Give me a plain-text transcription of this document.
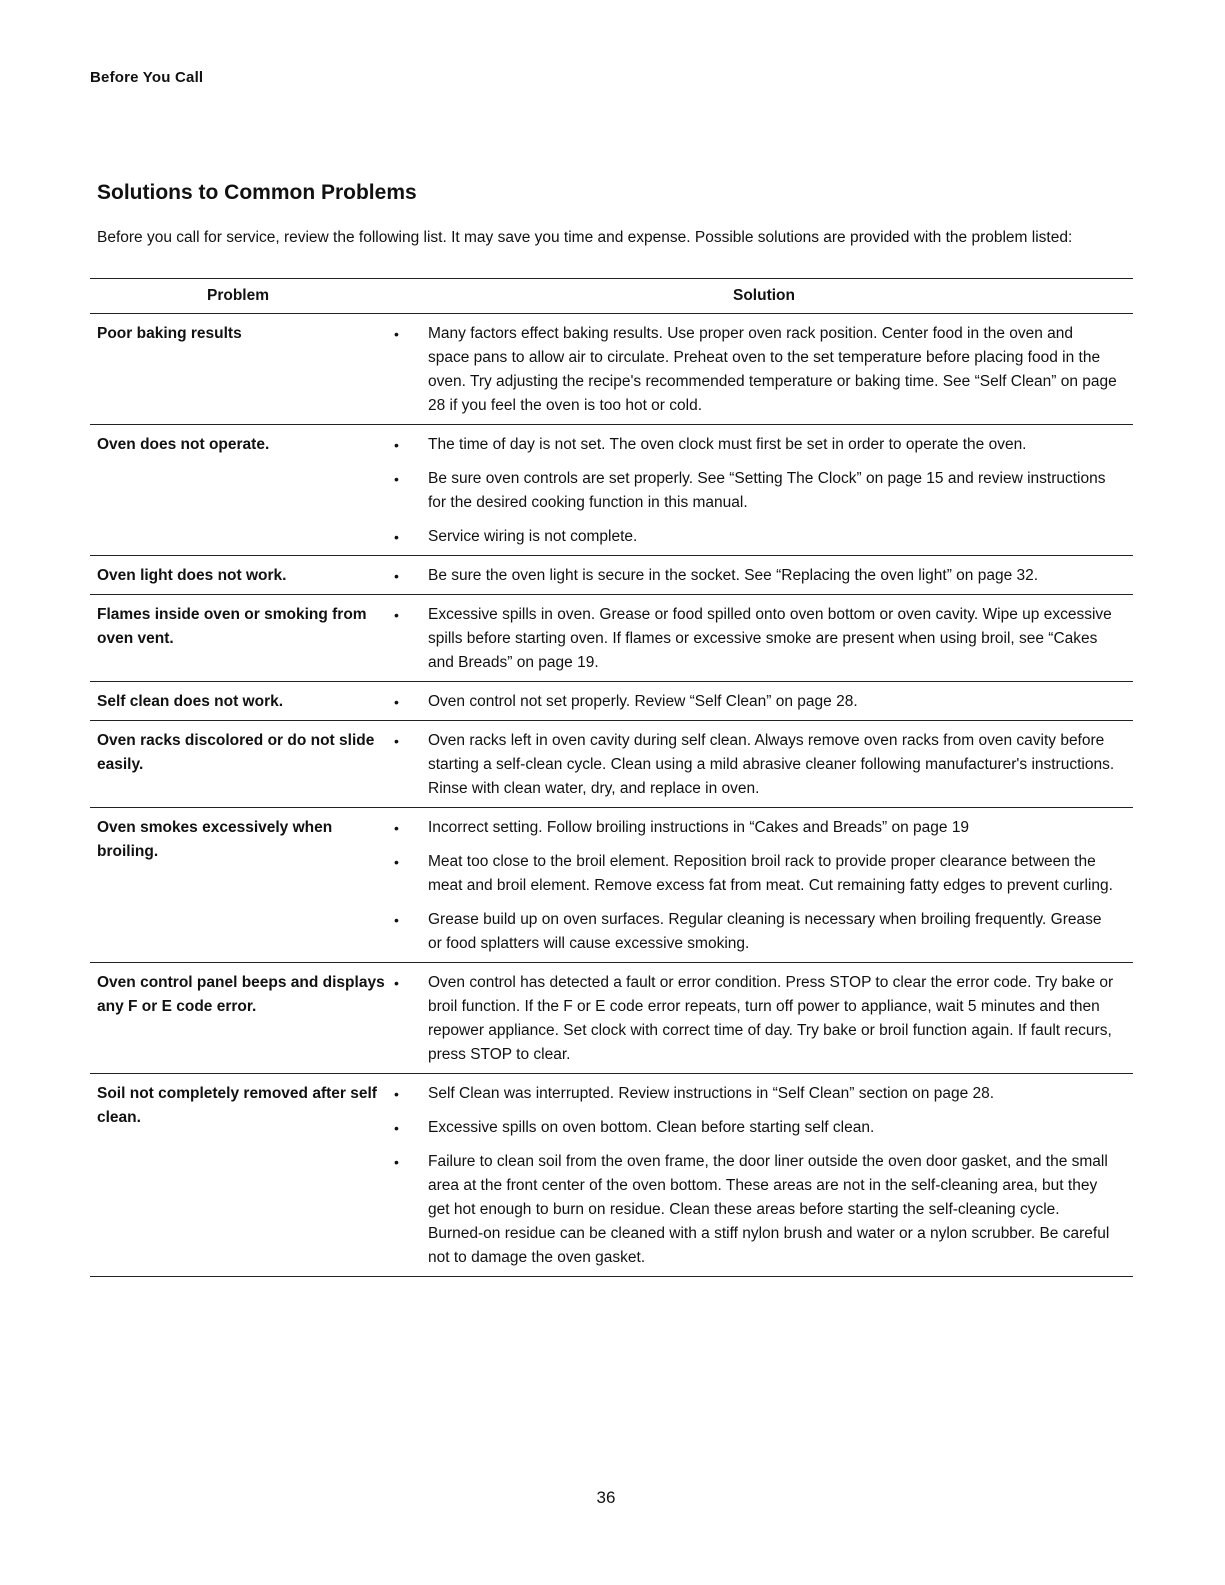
Before You Call
Solutions to Common Problems

Before you call for service, review the following list. It may save you time and expense. Possible solutions are provided with the problem listed:

Problem	Solution
Poor baking results	•	Many factors effect baking results. Use proper oven rack position. Center food in the oven and space pans to allow air to circulate. Preheat oven to the set temperature before placing food in the oven. Try adjusting the recipe's recommended temperature or baking time. See “Self Clean” on page 28 if you feel the oven is too hot or cold.
Oven does not operate.	•	The time of day is not set. The oven clock must first be set in order to operate the oven.
•	Be sure oven controls are set properly. See “Setting The Clock” on page 15 and review instructions for the desired cooking function in this manual.
•	Service wiring is not complete.
Oven light does not work.	•	Be sure the oven light is secure in the socket. See “Replacing the oven light” on page 32.
Flames inside oven or smoking from oven vent.
•	Excessive spills in oven. Grease or food spilled onto oven bottom or oven cavity. Wipe up excessive spills before starting oven. If flames or excessive smoke are present when using broil, see “Cakes and Breads” on page 19.
Self clean does not work.	•	Oven control not set properly. Review “Self Clean” on page 28.
Oven racks discolored or do not slide easily.
•	Oven racks left in oven cavity during self clean. Always remove oven racks from oven cavity before starting a self-clean cycle. Clean using a mild abrasive cleaner following manufacturer's instructions. Rinse with clean water, dry, and replace in oven.
Oven smokes excessively when broiling.
•	Incorrect setting. Follow broiling instructions in “Cakes and Breads” on page 19
•	Meat too close to the broil element. Reposition broil rack to provide proper clearance between the meat and broil element. Remove excess fat from meat. Cut remaining fatty edges to prevent curling.
•	Grease build up on oven surfaces. Regular cleaning is necessary when broiling frequently. Grease or food splatters will cause excessive smoking.
Oven control panel beeps and displays any F or E code error.
•	Oven control has detected a fault or error condition. Press STOP to clear the error code. Try bake or broil function. If the F or E code error repeats, turn off power to appliance, wait 5 minutes and then repower appliance. Set clock with correct time of day. Try bake or broil function again. If fault recurs, press STOP to clear.
Soil not completely removed after self clean.
•	Self Clean was interrupted. Review instructions in “Self Clean” section on page 28.
•	Excessive spills on oven bottom. Clean before starting self clean.
•	Failure to clean soil from the oven frame, the door liner outside the oven door gasket, and the small area at the front center of the oven bottom. These areas are not in the self-cleaning area, but they get hot enough to burn on residue. Clean these areas before starting the self-cleaning cycle. Burned-on residue can be cleaned with a stiff nylon brush and water or a nylon scrubber. Be careful not to damage the oven gasket.
36
